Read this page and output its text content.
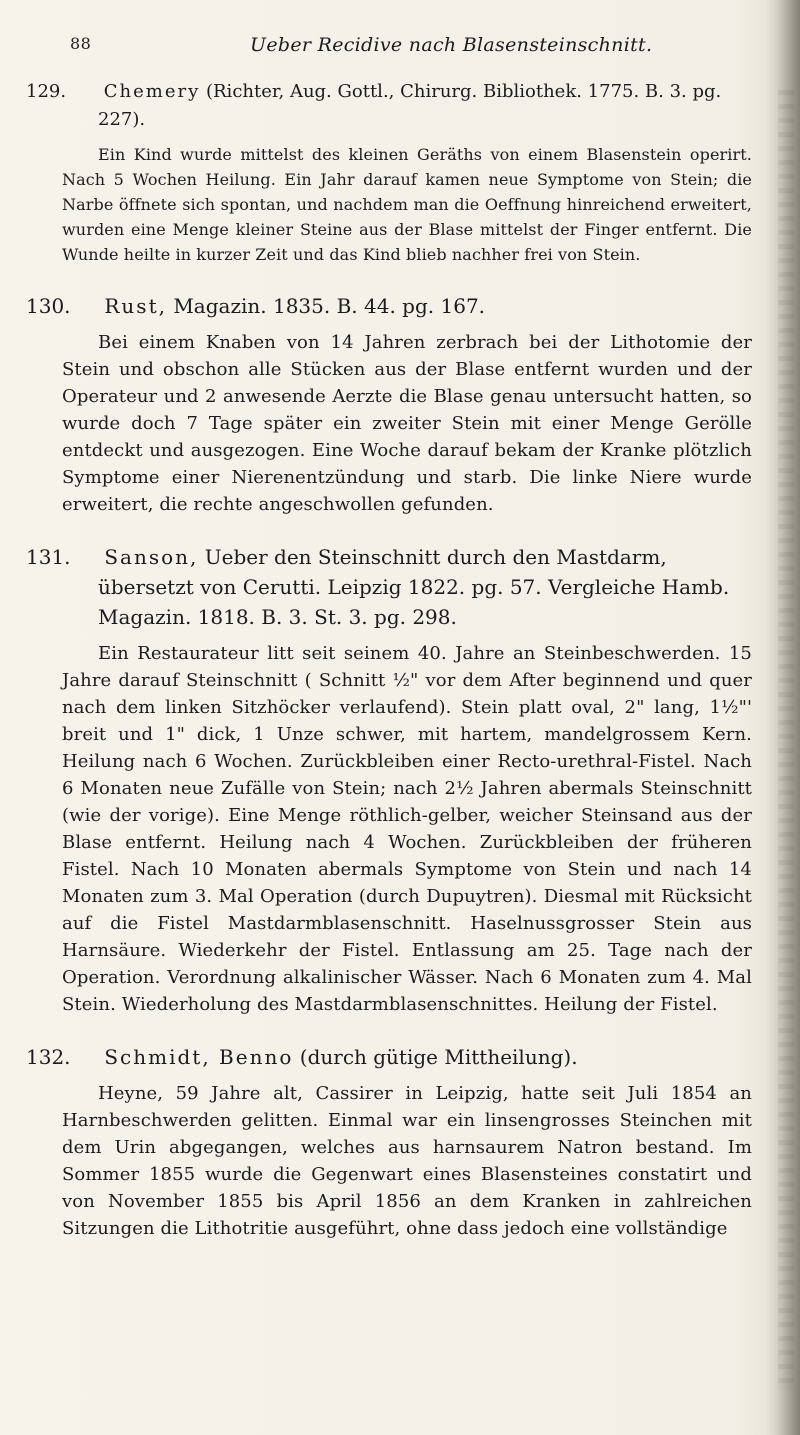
88	Ueber Recidive nach Blasensteinschnitt.
129. Chemery (Richter, Aug. Gottl., Chirurg. Bibliothek. 1775. B. 3. pg. 227).

Ein Kind wurde mittelst des kleinen Geräths von einem Blasenstein operirt. Nach 5 Wochen Heilung. Ein Jahr darauf kamen neue Symptome von Stein; die Narbe öffnete sich spontan, und nachdem man die Oeffnung hinreichend erweitert, wurden eine Menge kleiner Steine aus der Blase mittelst der Finger entfernt. Die Wunde heilte in kurzer Zeit und das Kind blieb nachher frei von Stein.

130. Rust, Magazin. 1835. B. 44. pg. 167.

Bei einem Knaben von 14 Jahren zerbrach bei der Lithotomie der Stein und obschon alle Stücken aus der Blase entfernt wurden und der Operateur und 2 anwesende Aerzte die Blase genau untersucht hatten, so wurde doch 7 Tage später ein zweiter Stein mit einer Menge Gerölle entdeckt und ausgezogen. Eine Woche darauf bekam der Kranke plötzlich Symptome einer Nierenentzündung und starb. Die linke Niere wurde erweitert, die rechte angeschwollen gefunden.

131. Sanson, Ueber den Steinschnitt durch den Mastdarm, übersetzt von Cerutti. Leipzig 1822. pg. 57. Vergleiche Hamb. Magazin. 1818. B. 3. St. 3. pg. 298.

Ein Restaurateur litt seit seinem 40. Jahre an Steinbeschwerden. 15 Jahre darauf Steinschnitt ( Schnitt ½" vor dem After beginnend und quer nach dem linken Sitzhöcker verlaufend). Stein platt oval, 2" lang, 1½"' breit und 1" dick, 1 Unze schwer, mit hartem, mandelgrossem Kern. Heilung nach 6 Wochen. Zurückbleiben einer Recto-urethral-Fistel. Nach 6 Monaten neue Zufälle von Stein; nach 2½ Jahren abermals Steinschnitt (wie der vorige). Eine Menge röthlich-gelber, weicher Steinsand aus der Blase entfernt. Heilung nach 4 Wochen. Zurückbleiben der früheren Fistel. Nach 10 Monaten abermals Symptome von Stein und nach 14 Monaten zum 3. Mal Operation (durch Dupuytren). Diesmal mit Rücksicht auf die Fistel Mastdarmblasenschnitt. Haselnussgrosser Stein aus Harnsäure. Wiederkehr der Fistel. Entlassung am 25. Tage nach der Operation. Verordnung alkalinischer Wässer. Nach 6 Monaten zum 4. Mal Stein. Wiederholung des Mastdarmblasenschnittes. Heilung der Fistel.

132. Schmidt, Benno (durch gütige Mittheilung).

Heyne, 59 Jahre alt, Cassirer in Leipzig, hatte seit Juli 1854 an Harnbeschwerden gelitten. Einmal war ein linsengrosses Steinchen mit dem Urin abgegangen, welches aus harnsaurem Natron bestand. Im Sommer 1855 wurde die Gegenwart eines Blasensteines constatirt und von November 1855 bis April 1856 an dem Kranken in zahlreichen Sitzungen die Lithotritie ausgeführt, ohne dass jedoch eine vollständige
